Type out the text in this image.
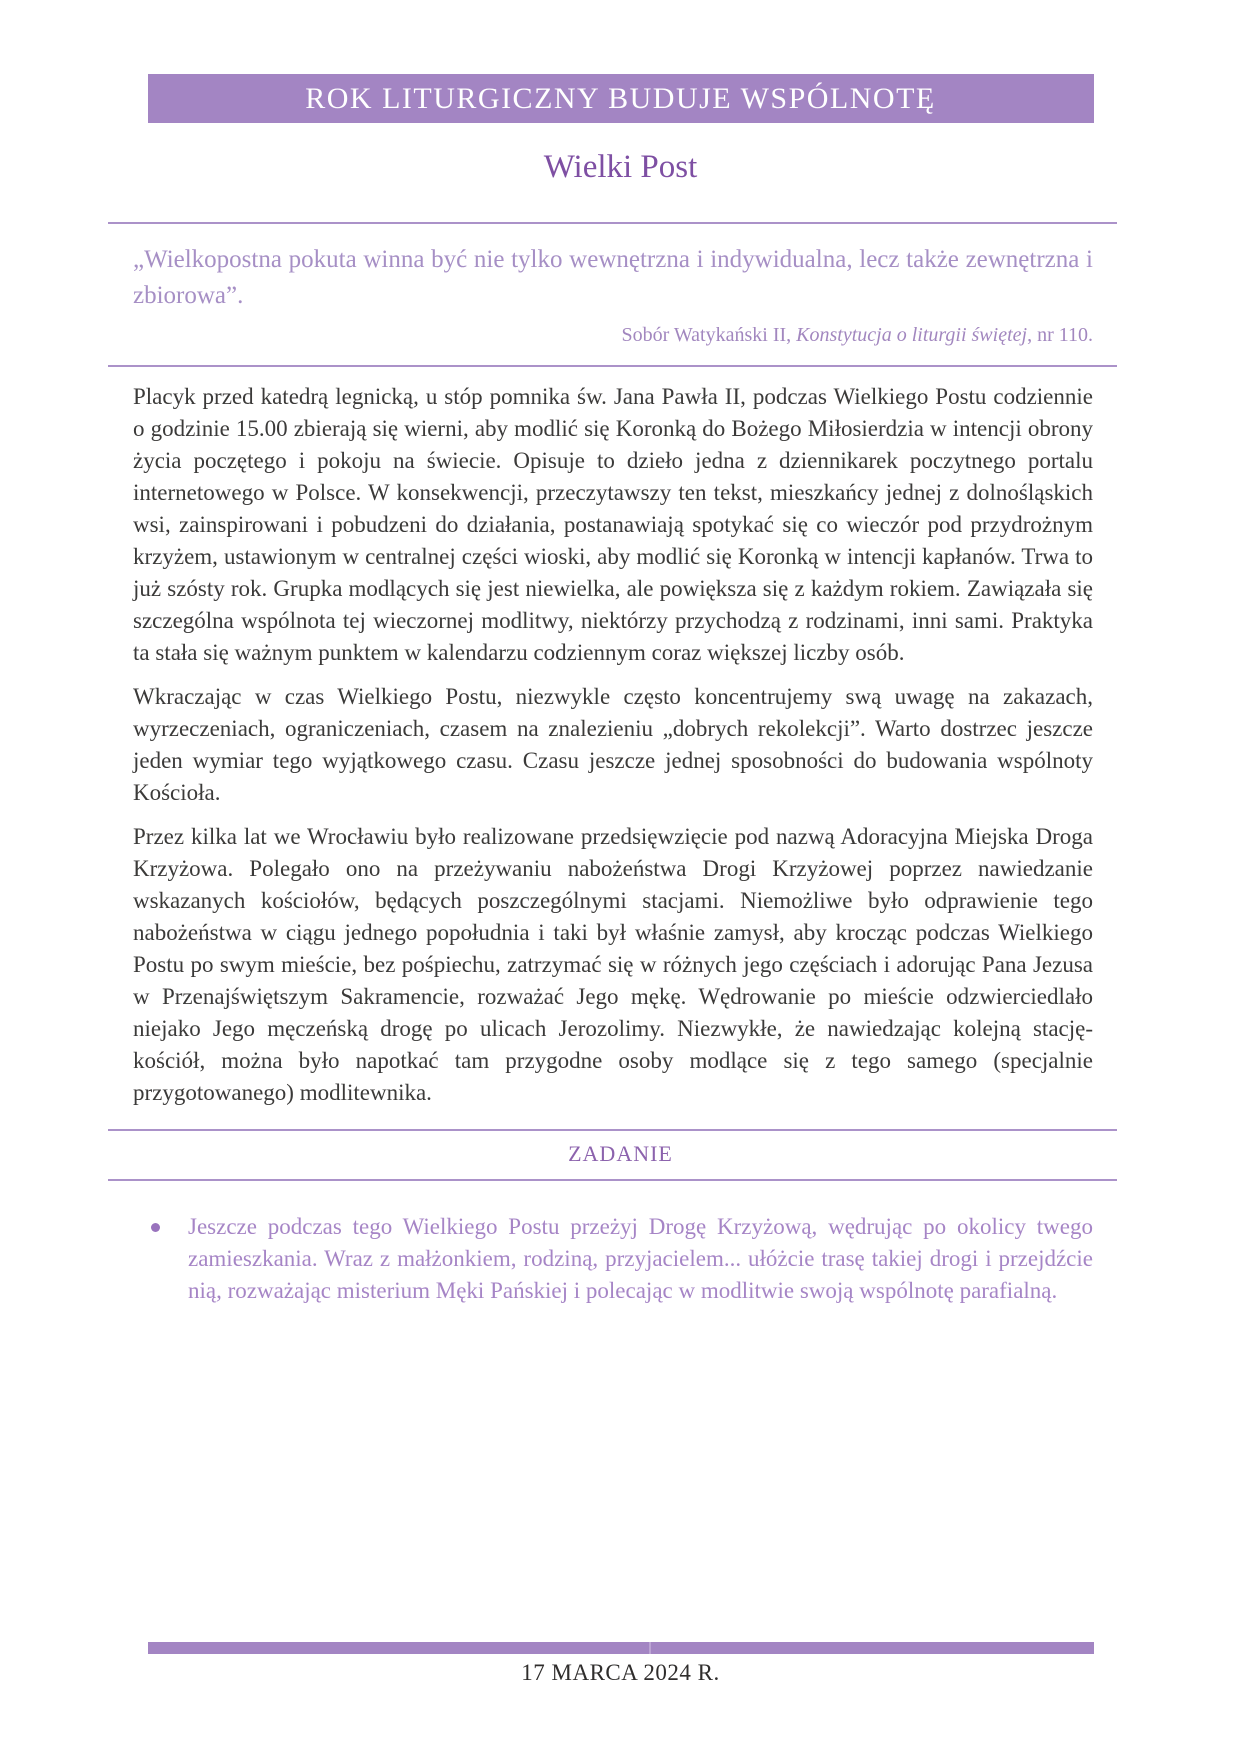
ROK LITURGICZNY BUDUJE WSPÓLNOTĘ
Wielki Post
„Wielkopostna pokuta winna być nie tylko wewnętrzna i indywidualna, lecz także zewnętrzna i zbiorowa”.
Sobór Watykański II, Konstytucja o liturgii świętej, nr 110.

Placyk przed katedrą legnicką, u stóp pomnika św. Jana Pawła II, podczas Wielkiego Postu codziennie o godzinie 15.00 zbierają się wierni, aby modlić się Koronką do Bożego Miłosierdzia w intencji obrony życia poczętego i pokoju na świecie. Opisuje to dzieło jedna z dziennikarek poczytnego portalu internetowego w Polsce. W konsekwencji, przeczytawszy ten tekst, mieszkańcy jednej z dolnośląskich wsi, zainspirowani i pobudzeni do działania, postanawiają spotykać się co wieczór pod przydrożnym krzyżem, ustawionym w centralnej części wioski, aby modlić się Koronką w intencji kapłanów. Trwa to już szósty rok. Grupka modlących się jest niewielka, ale powiększa się z każdym rokiem. Zawiązała się szczególna wspólnota tej wieczornej modlitwy, niektórzy przychodzą z rodzinami, inni sami. Praktyka ta stała się ważnym punktem w kalendarzu codziennym coraz większej liczby osób.

Wkraczając w czas Wielkiego Postu, niezwykle często koncentrujemy swą uwagę na zakazach, wyrzeczeniach, ograniczeniach, czasem na znalezieniu „dobrych rekolekcji”. Warto dostrzec jeszcze jeden wymiar tego wyjątkowego czasu. Czasu jeszcze jednej sposobności do budowania wspólnoty Kościoła.

Przez kilka lat we Wrocławiu było realizowane przedsięwzięcie pod nazwą Adoracyjna Miejska Droga Krzyżowa. Polegało ono na przeżywaniu nabożeństwa Drogi Krzyżowej poprzez nawiedzanie wskazanych kościołów, będących poszczególnymi stacjami. Niemożliwe było odprawienie tego nabożeństwa w ciągu jednego popołudnia i taki był właśnie zamysł, aby krocząc podczas Wielkiego Postu po swym mieście, bez pośpiechu, zatrzymać się w różnych jego częściach i adorując Pana Jezusa w Przenajświętszym Sakramencie, rozważać Jego mękę. Wędrowanie po mieście odzwierciedlało niejako Jego męczeńską drogę po ulicach Jerozolimy. Niezwykłe, że nawiedzając kolejną stację-kościół, można było napotkać tam przygodne osoby modlące się z tego samego (specjalnie przygotowanego) modlitewnika.

ZADANIE
Jeszcze podczas tego Wielkiego Postu przeżyj Drogę Krzyżową, wędrując po okolicy twego zamieszkania. Wraz z małżonkiem, rodziną, przyjacielem... ułóżcie trasę takiej drogi i przejdźcie nią, rozważając misterium Męki Pańskiej i polecając w modlitwie swoją wspólnotę parafialną.
17 MARCA 2024 R.
